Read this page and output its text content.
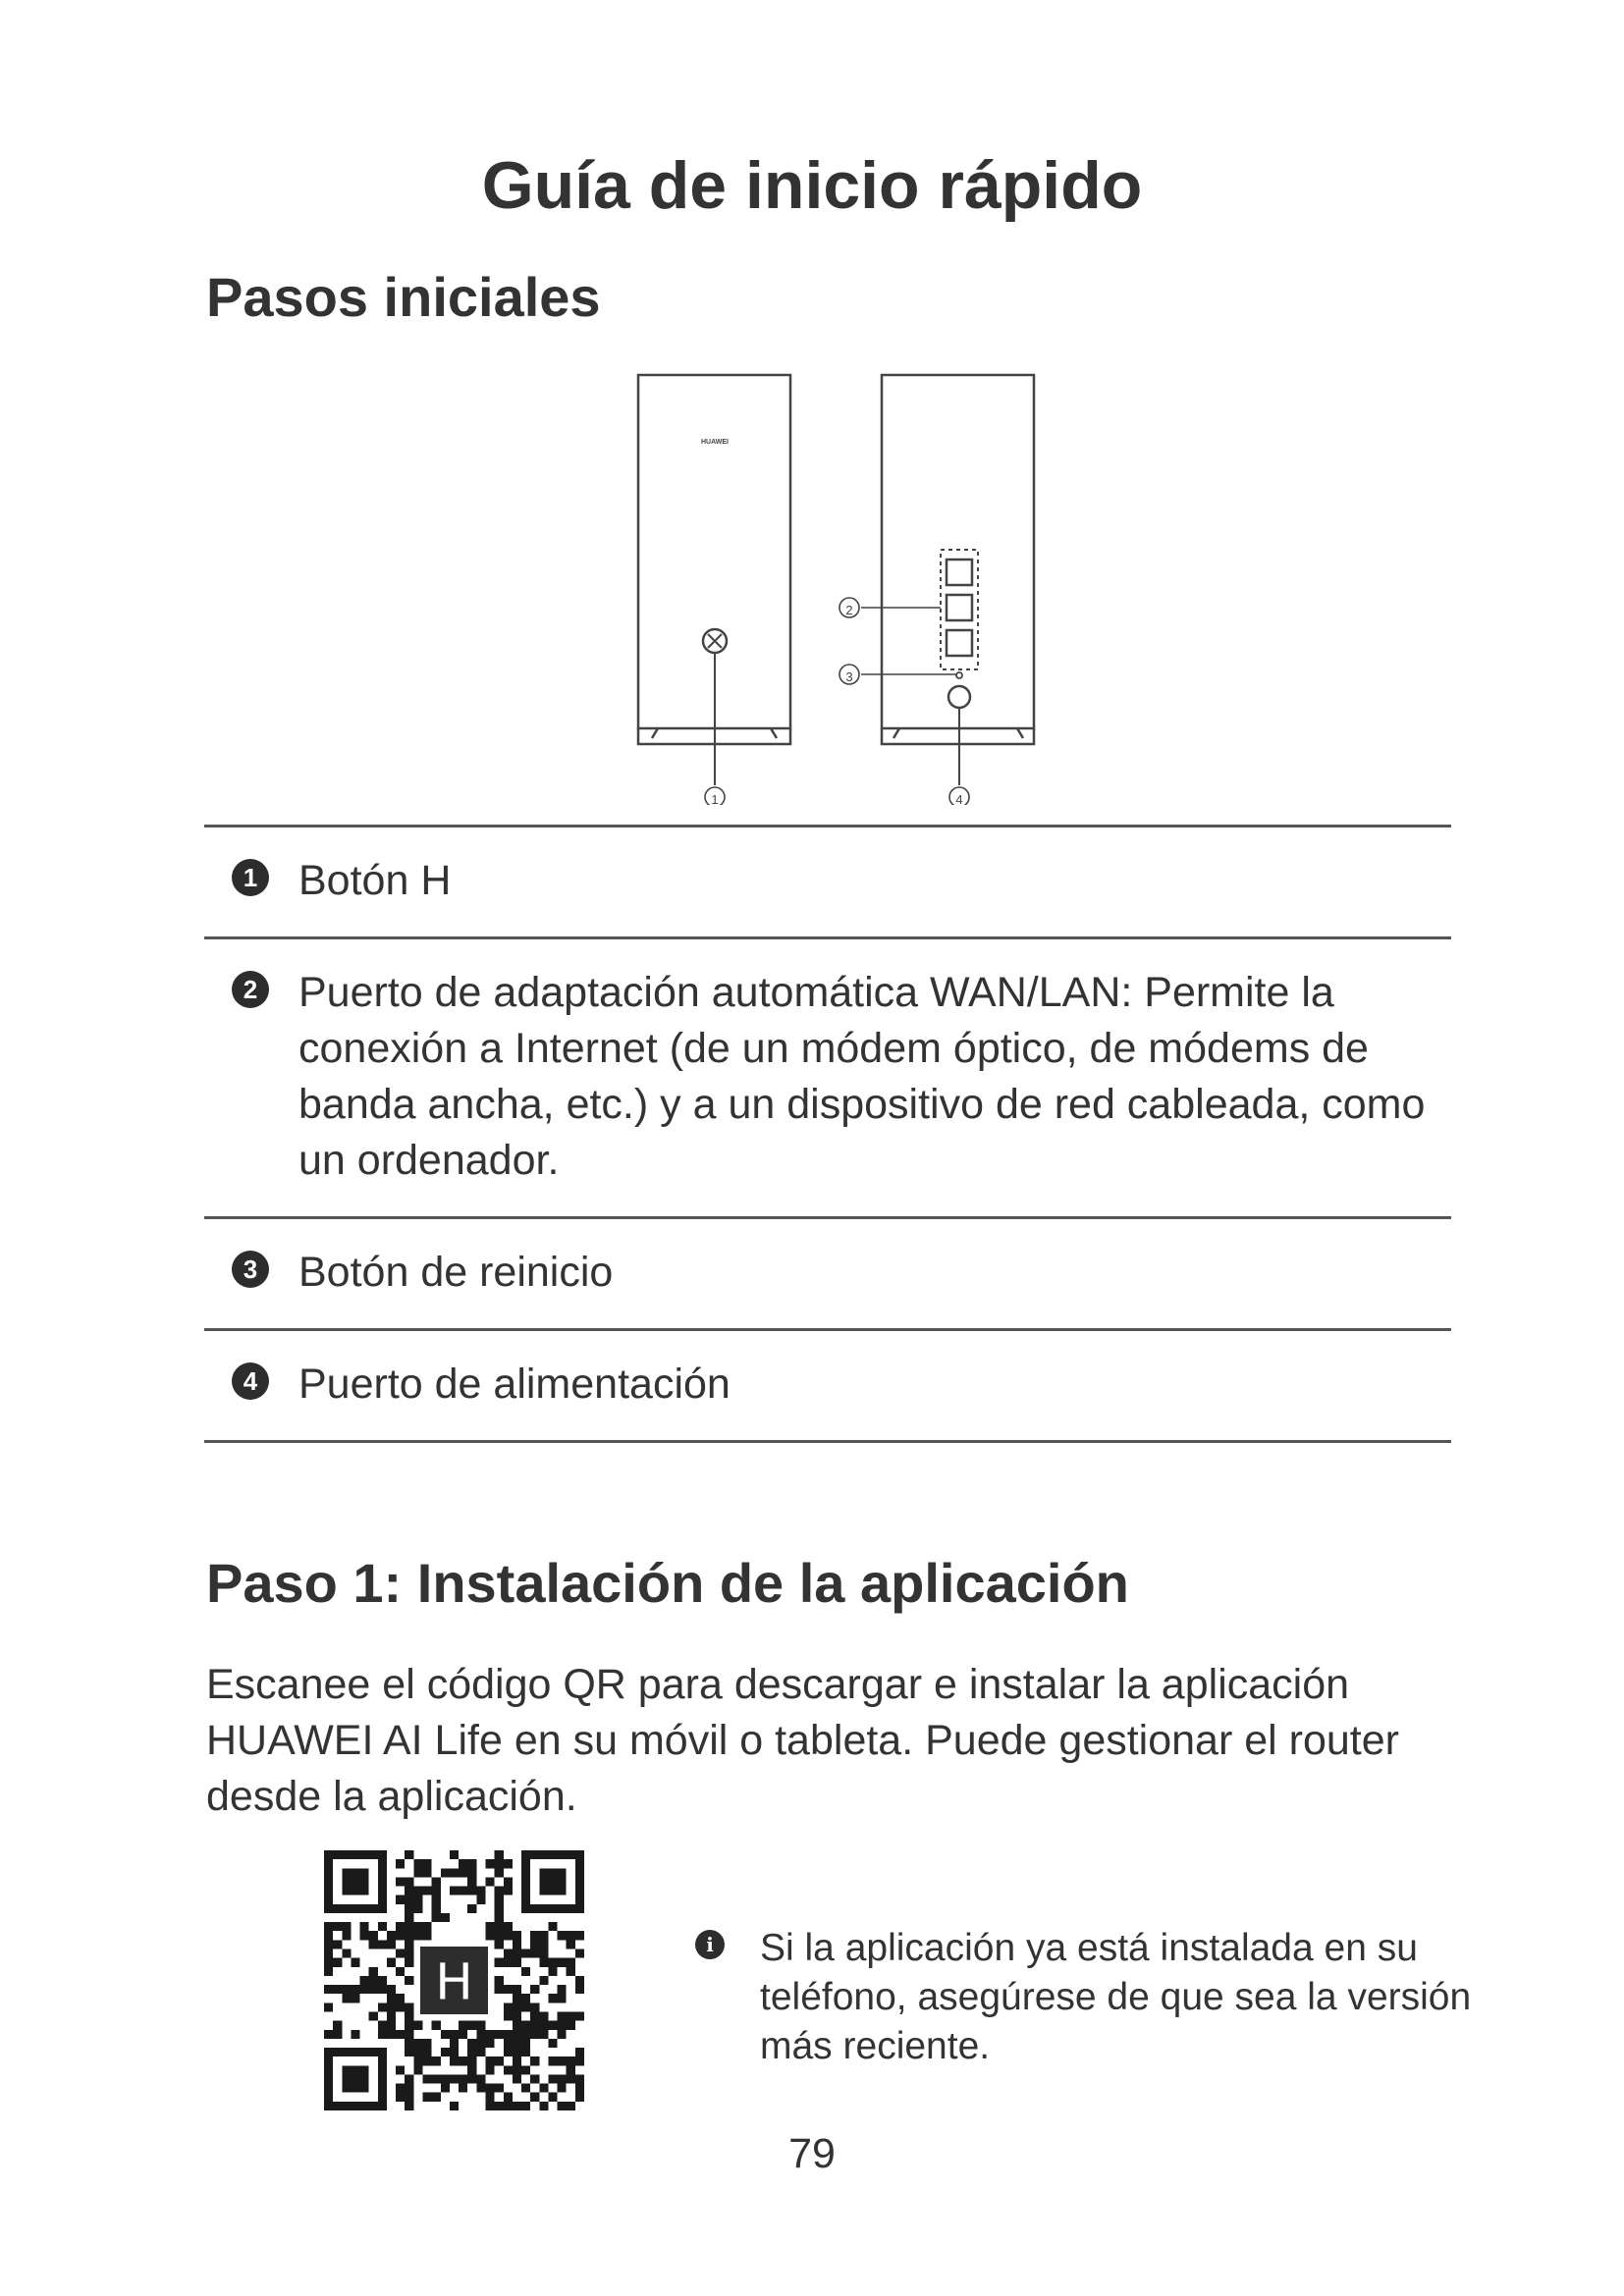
Guía de inicio rápido
Pasos iniciales
HUAWEI
1
2
3
4
1 Botón H
2 Puerto de adaptación automática WAN/LAN: Permite la conexión a Internet (de un módem óptico, de módems de banda ancha, etc.) y a un dispositivo de red cableada, como un ordenador.
3 Botón de reinicio
4 Puerto de alimentación
Paso 1: Instalación de la aplicación
Escanee el código QR para descargar e instalar la aplicación HUAWEI AI Life en su móvil o tableta. Puede gestionar el router desde la aplicación.
H
i Si la aplicación ya está instalada en su teléfono, asegúrese de que sea la versión más reciente.
79
